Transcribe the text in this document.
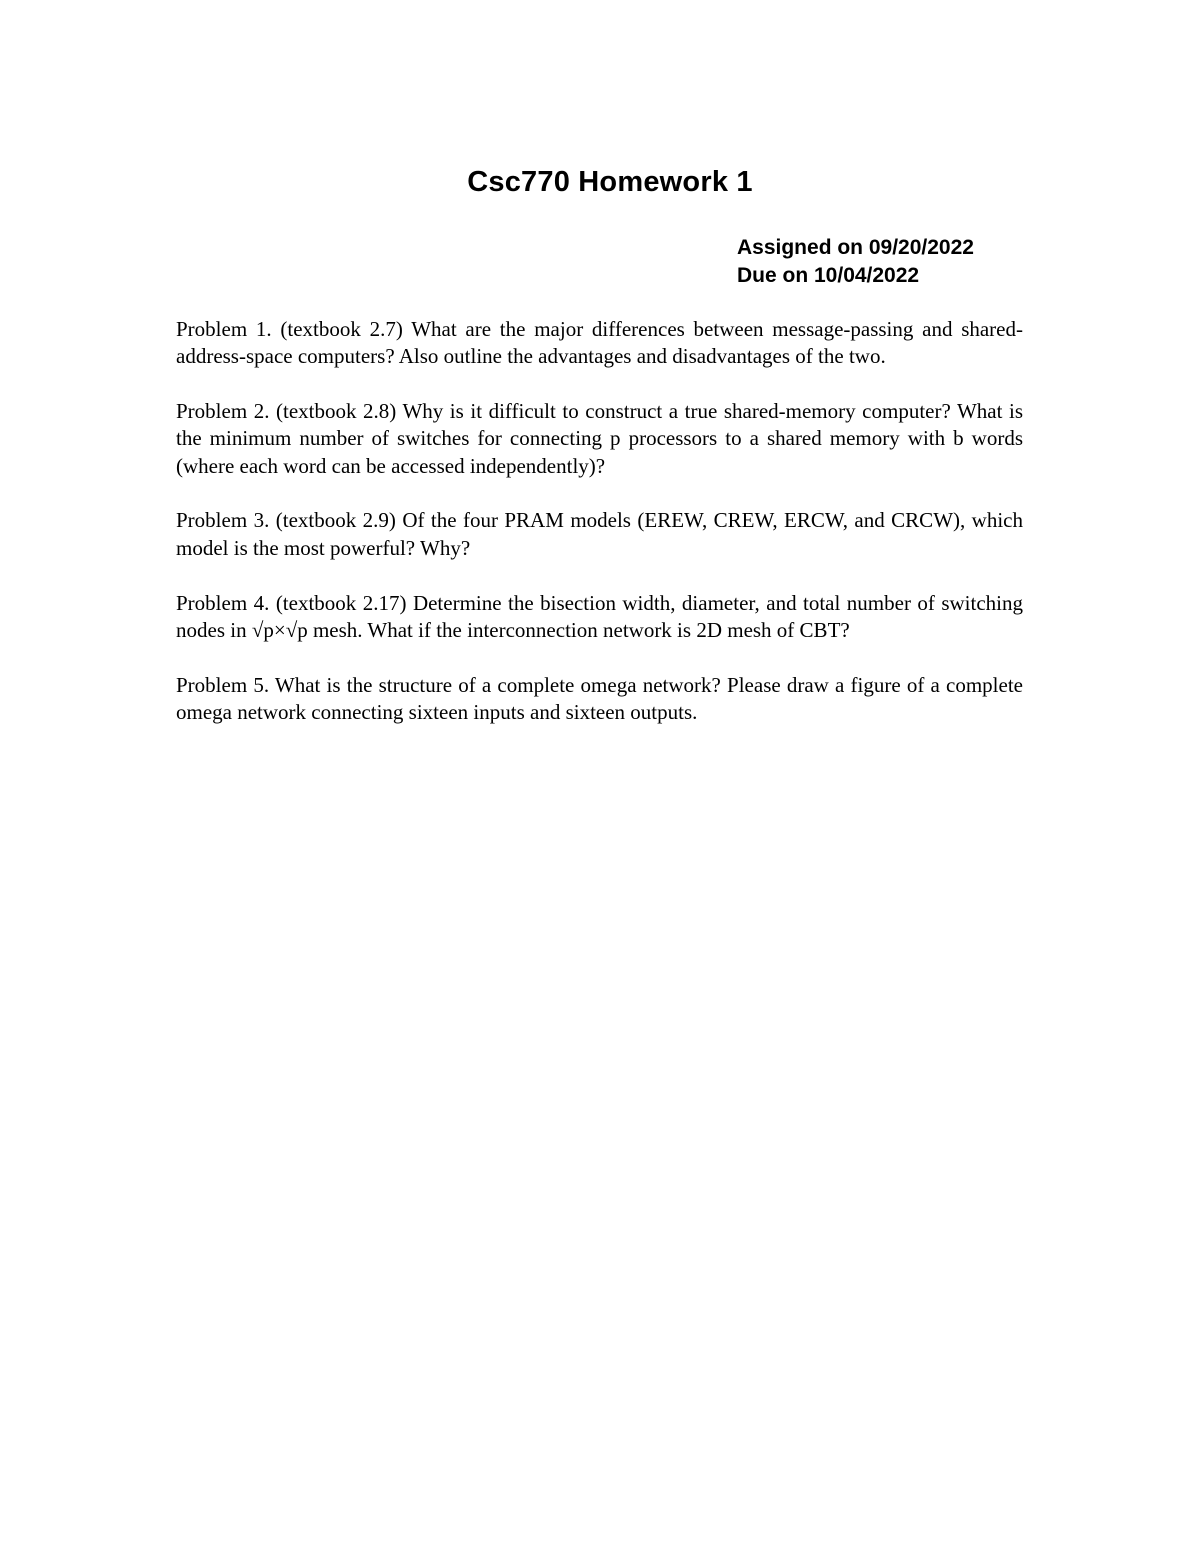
Csc770 Homework 1
Assigned on 09/20/2022
Due on 10/04/2022

Problem 1. (textbook 2.7) What are the major differences between message-passing and shared-address-space computers? Also outline the advantages and disadvantages of the two.

Problem 2. (textbook 2.8) Why is it difficult to construct a true shared-memory computer? What is the minimum number of switches for connecting p processors to a shared memory with b words (where each word can be accessed independently)?

Problem 3. (textbook 2.9) Of the four PRAM models (EREW, CREW, ERCW, and CRCW), which model is the most powerful? Why?

Problem 4. (textbook 2.17) Determine the bisection width, diameter, and total number of switching nodes in √p×√p mesh. What if the interconnection network is 2D mesh of CBT?

Problem 5. What is the structure of a complete omega network? Please draw a figure of a complete omega network connecting sixteen inputs and sixteen outputs.
